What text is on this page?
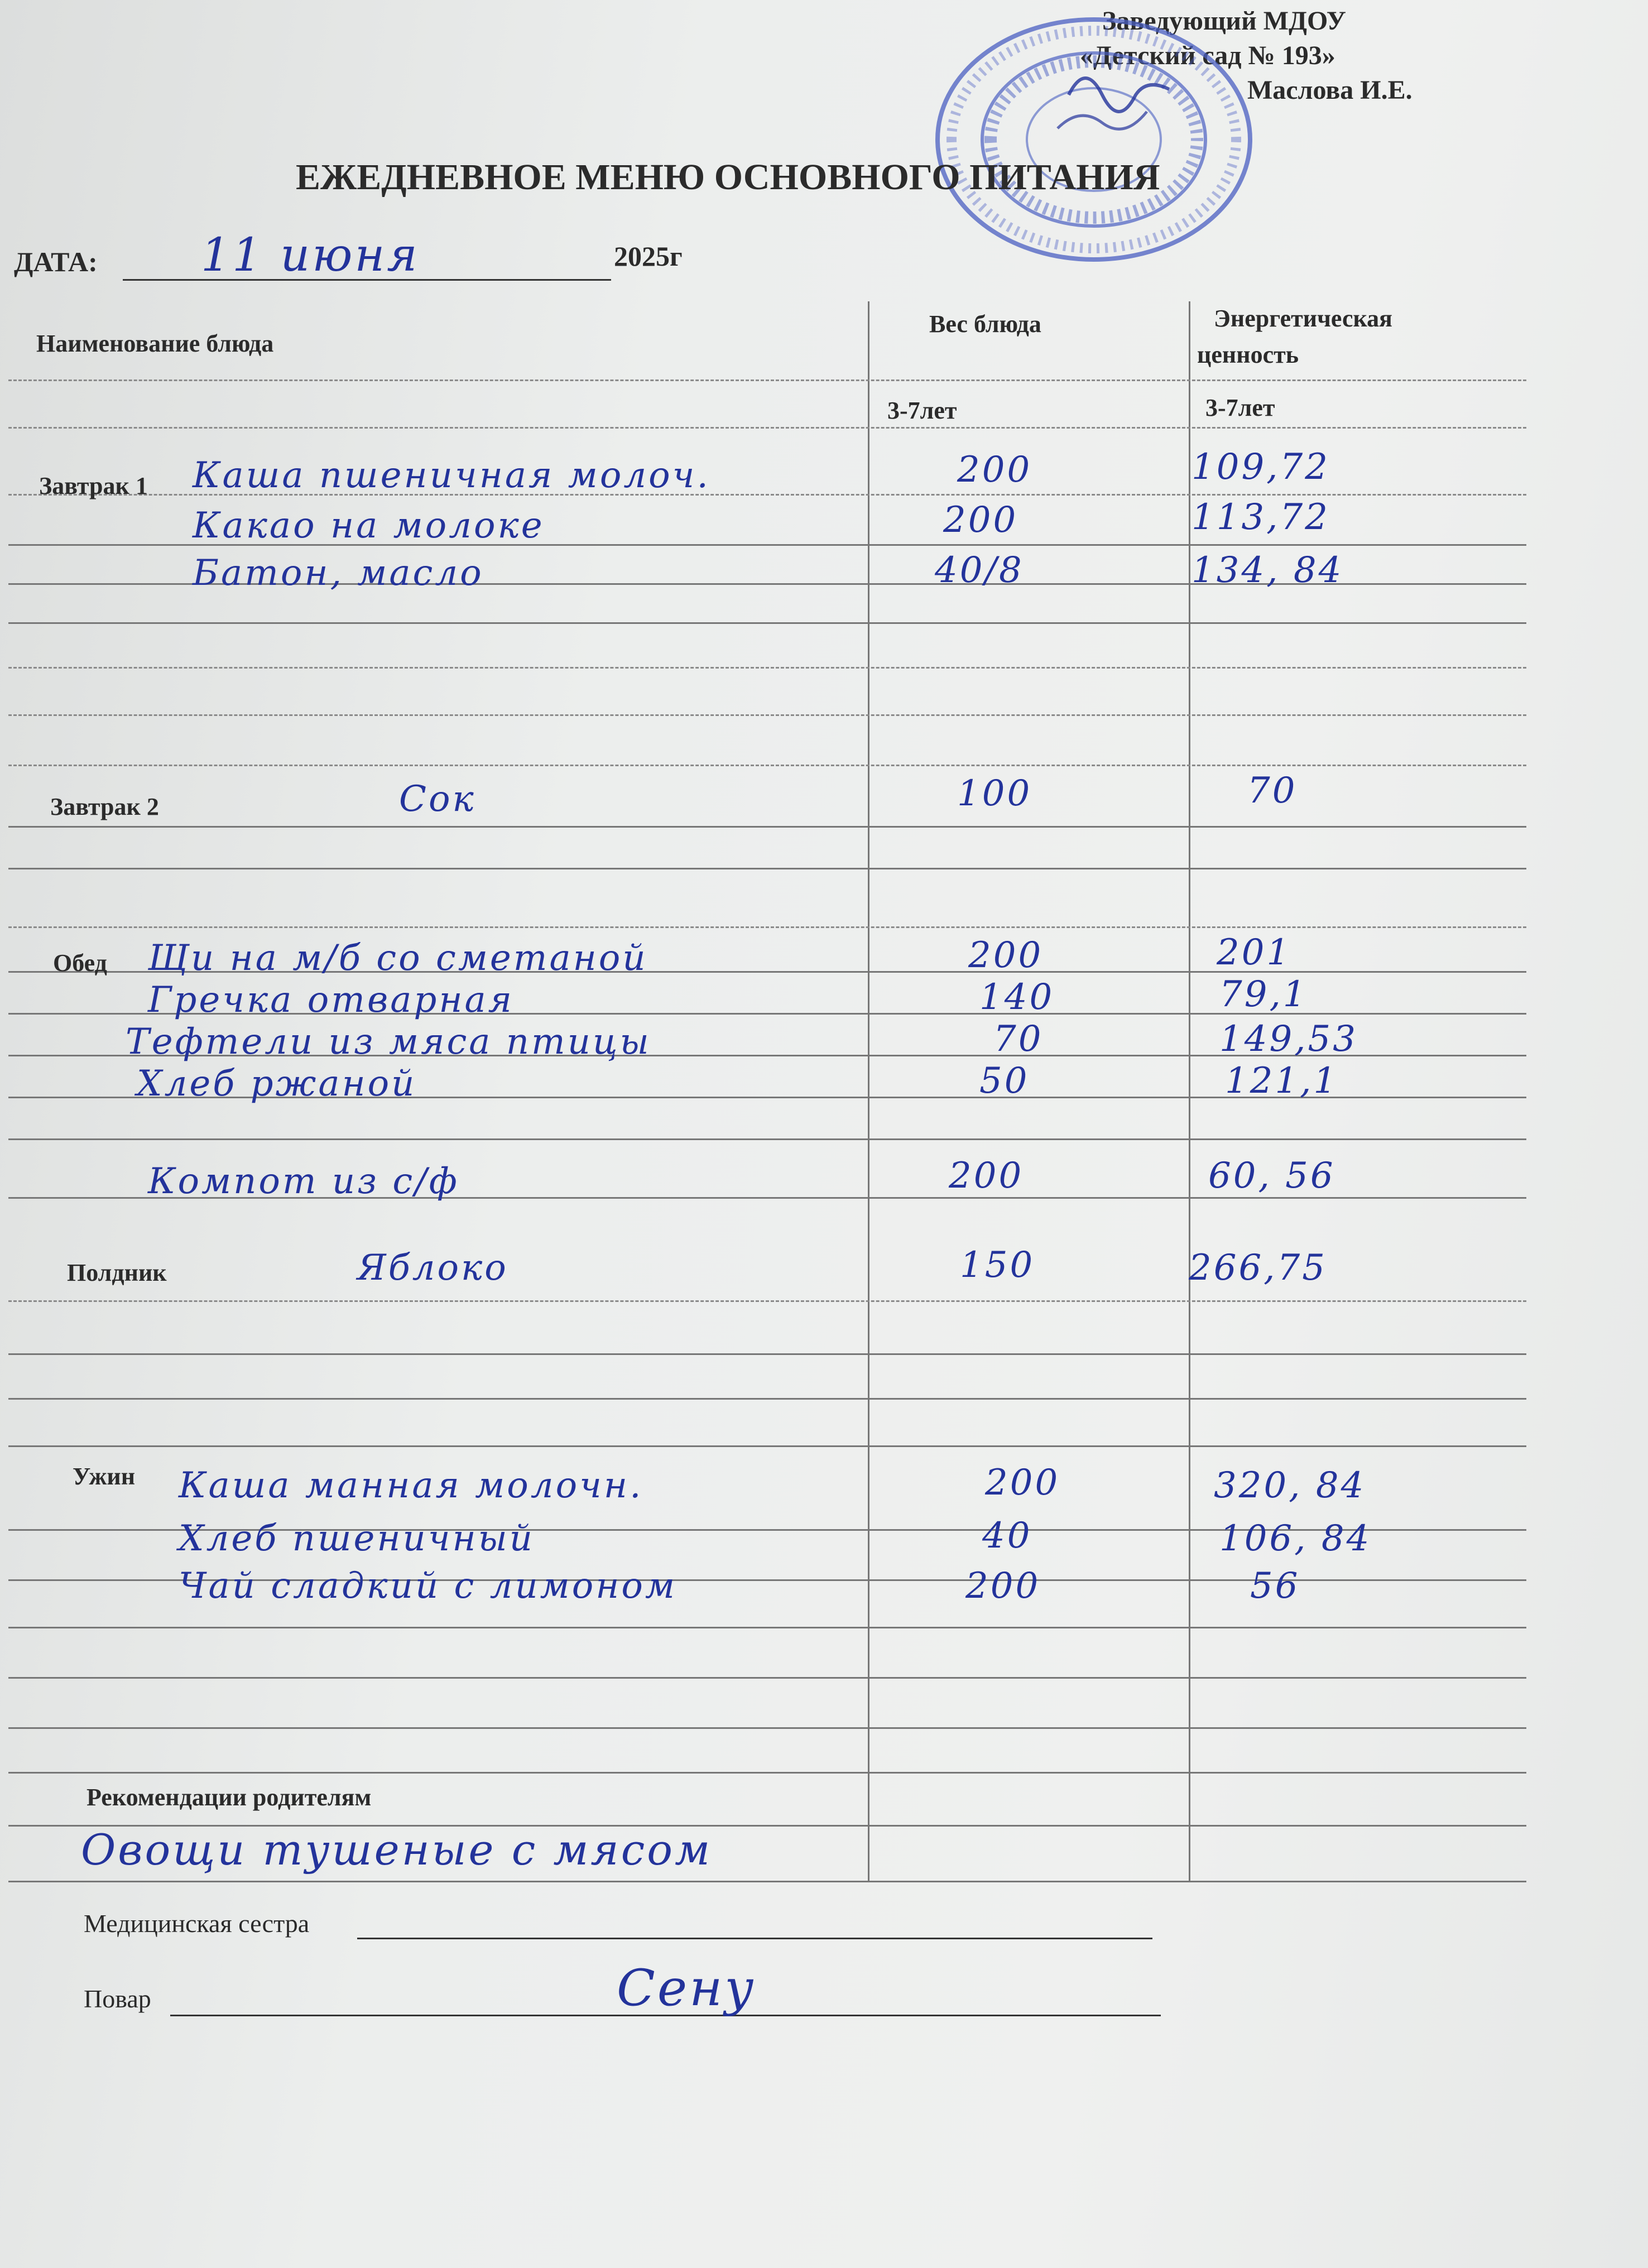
Заведующий МДОУ
«Детский сад № 193»
Маслова И.Е.
ЕЖЕДНЕВНОЕ МЕНЮ ОСНОВНОГО ПИТАНИЯ
ДАТА: 11 июня	2025г
Наименование блюда
Вес блюда	Энергетическая
ценность
3-7лет	3-7лет
Завтрак 1 Каша пшеничная молоч.	200	109,72
Какао на молоке	200	113,72
Батон, масло	40/8	134, 84
Завтрак 2	Сок	100	70
Обед Щи на м/б со сметаной	200	201
Гречка отварная	140	79,1
Тефтели из мяса птицы	70	149,53
Хлеб ржаной	50	121,1
Компот из с/ф	200	60, 56
Полдник	Яблоко	150	266,75
Ужин Каша манная молочн.	200	320, 84
Хлеб пшеничный	40	106, 84
Чай сладкий с лимоном	200	56
Рекомендации родителям
Овощи тушеные с мясом
Медицинская сестра
Повар	Сену
